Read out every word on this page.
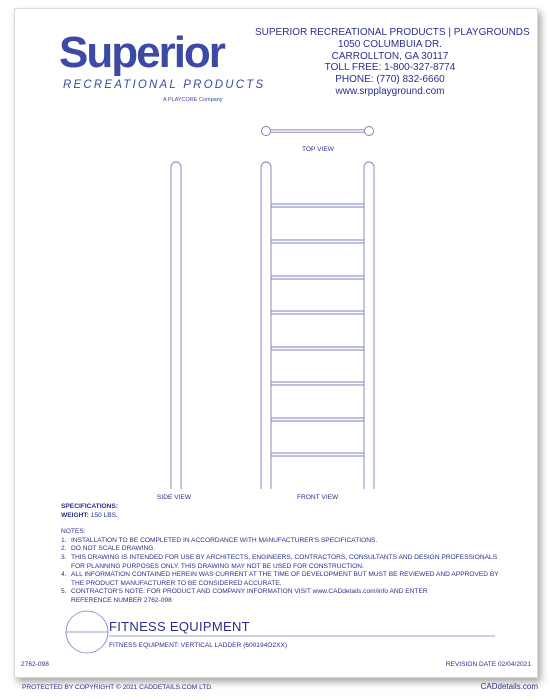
Superior
RECREATIONAL PRODUCTS
A PLAYCORE Company
SUPERIOR RECREATIONAL PRODUCTS | PLAYGROUNDS
1050 COLUMBUIA DR.
CARROLLTON, GA 30117
TOLL FREE: 1-800-327-8774
PHONE: (770) 832-6660
www.srpplayground.com
TOP VIEW
SIDE VIEW	FRONT VIEW
SPECIFICATIONS:
WEIGHT: 150 LBS.
NOTES:
1. INSTALLATION TO BE COMPLETED IN ACCORDANCE WITH MANUFACTURER'S SPECIFICATIONS.
2. DO NOT SCALE DRAWING.
3. THIS DRAWING IS INTENDED FOR USE BY ARCHITECTS, ENGINEERS, CONTRACTORS, CONSULTANTS AND DESIGN PROFESSIONALS
FOR PLANNING PURPOSES ONLY. THIS DRAWING MAY NOT BE USED FOR CONSTRUCTION.
4. ALL INFORMATION CONTAINED HEREIN WAS CURRENT AT THE TIME OF DEVELOPMENT BUT MUST BE REVIEWED AND APPROVED BY
THE PRODUCT MANUFACTURER TO BE CONSIDERED ACCURATE.
5. CONTRACTOR'S NOTE: FOR PRODUCT AND COMPANY INFORMATION VISIT www.CADdetails.com/info AND ENTER
REFERENCE NUMBER 2762-098
FITNESS EQUIPMENT
FITNESS EQUIPMENT: VERTICAL LADDER (600194O2XX)
2762-098	REVISION DATE 02/04/2021
PROTECTED BY COPYRIGHT © 2021 CADDETAILS.COM LTD.	CADdetails.com
